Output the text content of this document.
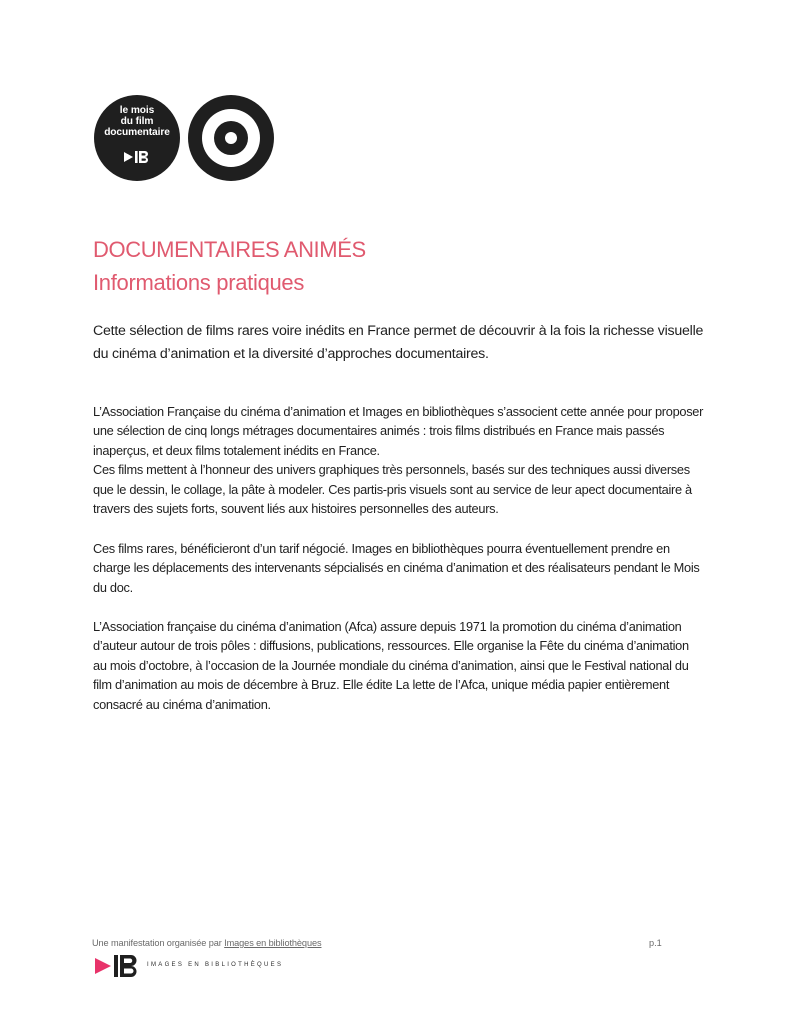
le mois
du film
documentaire
DOCUMENTAIRES ANIMÉS
Informations pratiques
Cette sélection de films rares voire inédits en France permet de découvrir à la fois la richesse visuelle du cinéma d’animation et la diversité d’approches documentaires.
L’Association Française du cinéma d’animation et Images en bibliothèques s’associent cette année pour proposer une sélection de cinq longs métrages documentaires animés : trois films distribués en France mais passés inaperçus, et deux films totalement inédits en France.
Ces films mettent à l’honneur des univers graphiques très personnels, basés sur des techniques aussi diverses que le dessin, le collage, la pâte à modeler. Ces partis-pris visuels sont au service de leur apect documentaire à travers des sujets forts, souvent liés aux histoires personnelles des auteurs.
Ces films rares, bénéficieront d’un tarif négocié. Images en bibliothèques pourra éventuellement prendre en charge les déplacements des intervenants sépcialisés en cinéma d’animation et des réalisateurs pendant le Mois du doc.
L’Association française du cinéma d’animation (Afca) assure depuis 1971 la promotion du cinéma d’animation d’auteur autour de trois pôles : diffusions, publications, ressources. Elle organise la Fête du cinéma d’animation au mois d’octobre, à l’occasion de la Journée mondiale du cinéma d’animation, ainsi que le Festival national du film d’animation au mois de décembre à Bruz. Elle édite La lette de l’Afca, unique média papier entièrement consacré au cinéma d’animation.
Une manifestation organisée par Images en bibliothèques	p.1
IMAGES EN BIBLIOTHÈQUES
